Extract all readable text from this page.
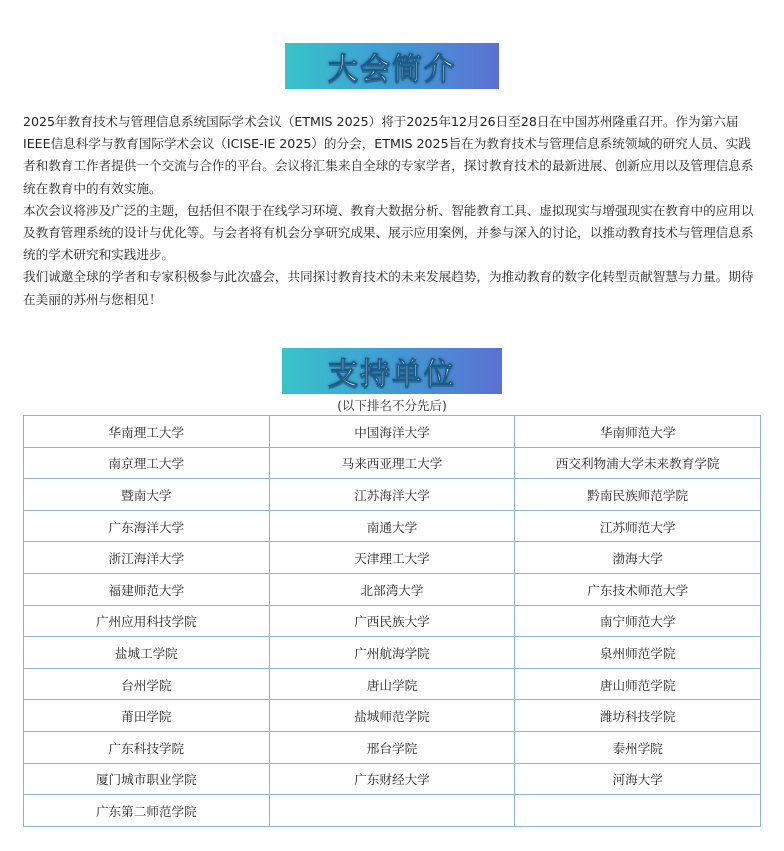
大会简介

2025年教育技术与管理信息系统国际学术会议（ETMIS 2025）将于2025年12月26日至28日在中国苏州隆重召开。作为第六届IEEE信息科学与教育国际学术会议（ICISE-IE 2025）的分会，ETMIS 2025旨在为教育技术与管理信息系统领域的研究人员、实践者和教育工作者提供一个交流与合作的平台。会议将汇集来自全球的专家学者，探讨教育技术的最新进展、创新应用以及管理信息系统在教育中的有效实施。

本次会议将涉及广泛的主题，包括但不限于在线学习环境、教育大数据分析、智能教育工具、虚拟现实与增强现实在教育中的应用以及教育管理系统的设计与优化等。与会者将有机会分享研究成果、展示应用案例，并参与深入的讨论，以推动教育技术与管理信息系统的学术研究和实践进步。

我们诚邀全球的学者和专家积极参与此次盛会，共同探讨教育技术的未来发展趋势，为推动教育的数字化转型贡献智慧与力量。期待在美丽的苏州与您相见！

支持单位
(以下排名不分先后)
华南理工大学	中国海洋大学	华南师范大学
南京理工大学	马来西亚理工大学	西交利物浦大学未来教育学院
暨南大学	江苏海洋大学	黔南民族师范学院
广东海洋大学	南通大学	江苏师范大学
浙江海洋大学	天津理工大学	渤海大学
福建师范大学	北部湾大学	广东技术师范大学
广州应用科技学院	广西民族大学	南宁师范大学
盐城工学院	广州航海学院	泉州师范学院
台州学院	唐山学院	唐山师范学院
莆田学院	盐城师范学院	潍坊科技学院
广东科技学院	邢台学院	泰州学院
厦门城市职业学院	广东财经大学	河海大学
广东第二师范学院		
